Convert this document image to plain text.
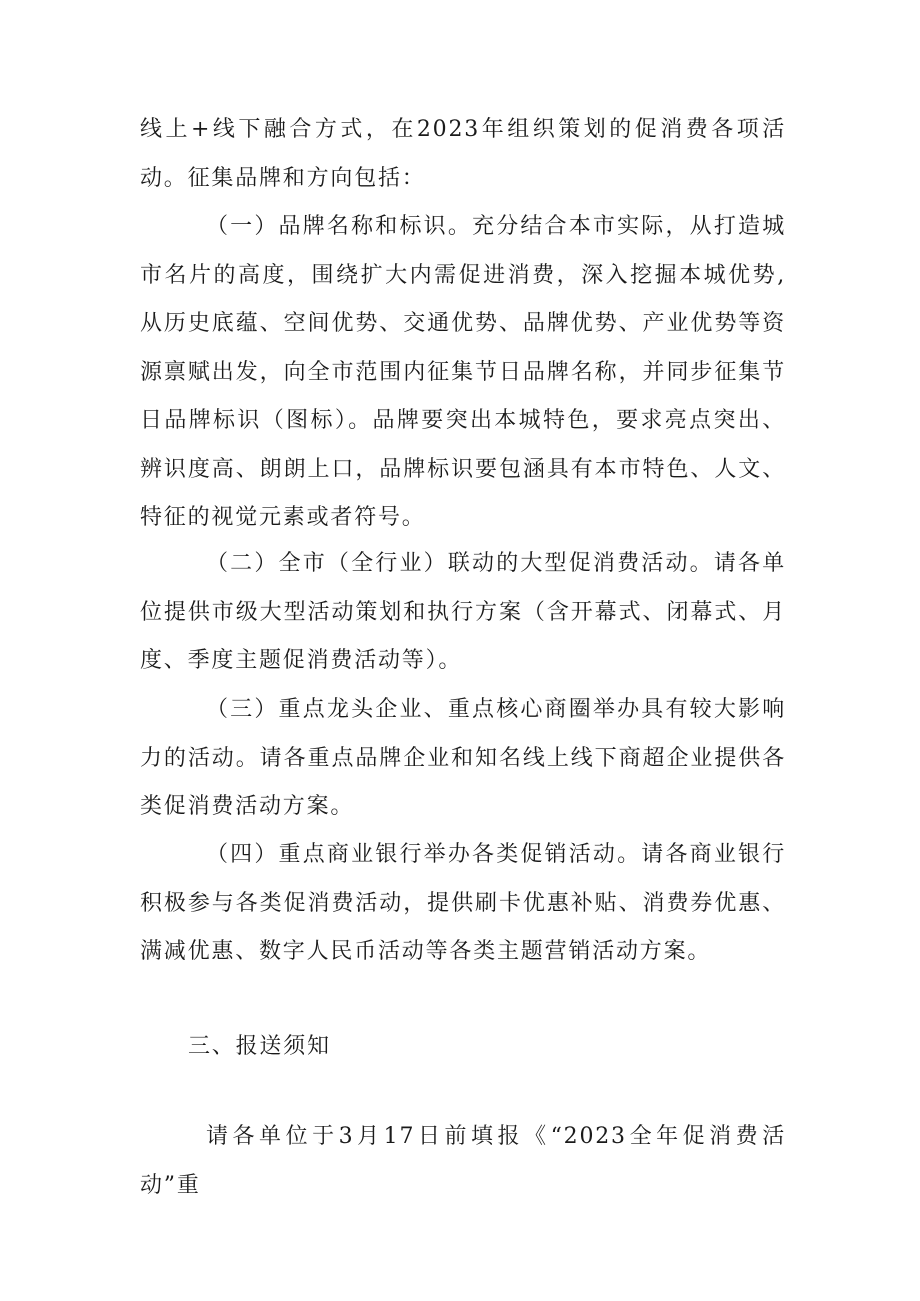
线上+线下融合方式，在2023年组织策划的促消费各项活动。征集品牌和方向包括：

（一）品牌名称和标识。充分结合本市实际，从打造城市名片的高度，围绕扩大内需促进消费，深入挖掘本城优势,从历史底蕴、空间优势、交通优势、品牌优势、产业优势等资源禀赋出发，向全市范围内征集节日品牌名称，并同步征集节日品牌标识（图标）。品牌要突出本城特色，要求亮点突出、辨识度高、朗朗上口，品牌标识要包涵具有本市特色、人文、特征的视觉元素或者符号。

（二）全市（全行业）联动的大型促消费活动。请各单位提供市级大型活动策划和执行方案（含开幕式、闭幕式、月度、季度主题促消费活动等）。

（三）重点龙头企业、重点核心商圈举办具有较大影响力的活动。请各重点品牌企业和知名线上线下商超企业提供各类促消费活动方案。

（四）重点商业银行举办各类促销活动。请各商业银行积极参与各类促消费活动，提供刷卡优惠补贴、消费券优惠、满减优惠、数字人民币活动等各类主题营销活动方案。

三、报送须知

请各单位于3月17日前填报《“2023全年促消费活动”重
